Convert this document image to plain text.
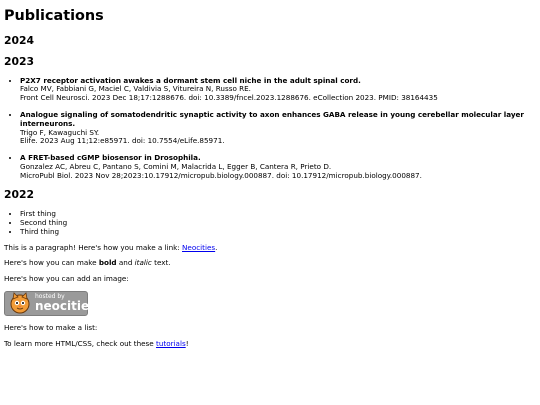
Publications
2024
2023
• P2X7 receptor activation awakes a dormant stem cell niche in the adult spinal cord.
Falco MV, Fabbiani G, Maciel C, Valdivia S, Vitureira N, Russo RE.
Front Cell Neurosci. 2023 Dec 18;17:1288676. doi: 10.3389/fncel.2023.1288676. eCollection 2023. PMID: 38164435
• Analogue signaling of somatodendritic synaptic activity to axon enhances GABA release in young cerebellar molecular layer interneurons.
Trigo F, Kawaguchi SY.
Elife. 2023 Aug 11;12:e85971. doi: 10.7554/eLife.85971.
• A FRET-based cGMP biosensor in Drosophila.
Gonzalez AC, Abreu C, Pantano S, Comini M, Malacrida L, Egger B, Cantera R, Prieto D.
MicroPubl Biol. 2023 Nov 28;2023:10.17912/micropub.biology.000887. doi: 10.17912/micropub.biology.000887.
2022
• First thing
• Second thing
• Third thing

This is a paragraph! Here's how you make a link: Neocities.

Here's how you can make bold and italic text.

Here's how you can add an image:

hosted by
neocities

Here's how to make a list:

To learn more HTML/CSS, check out these tutorials!
